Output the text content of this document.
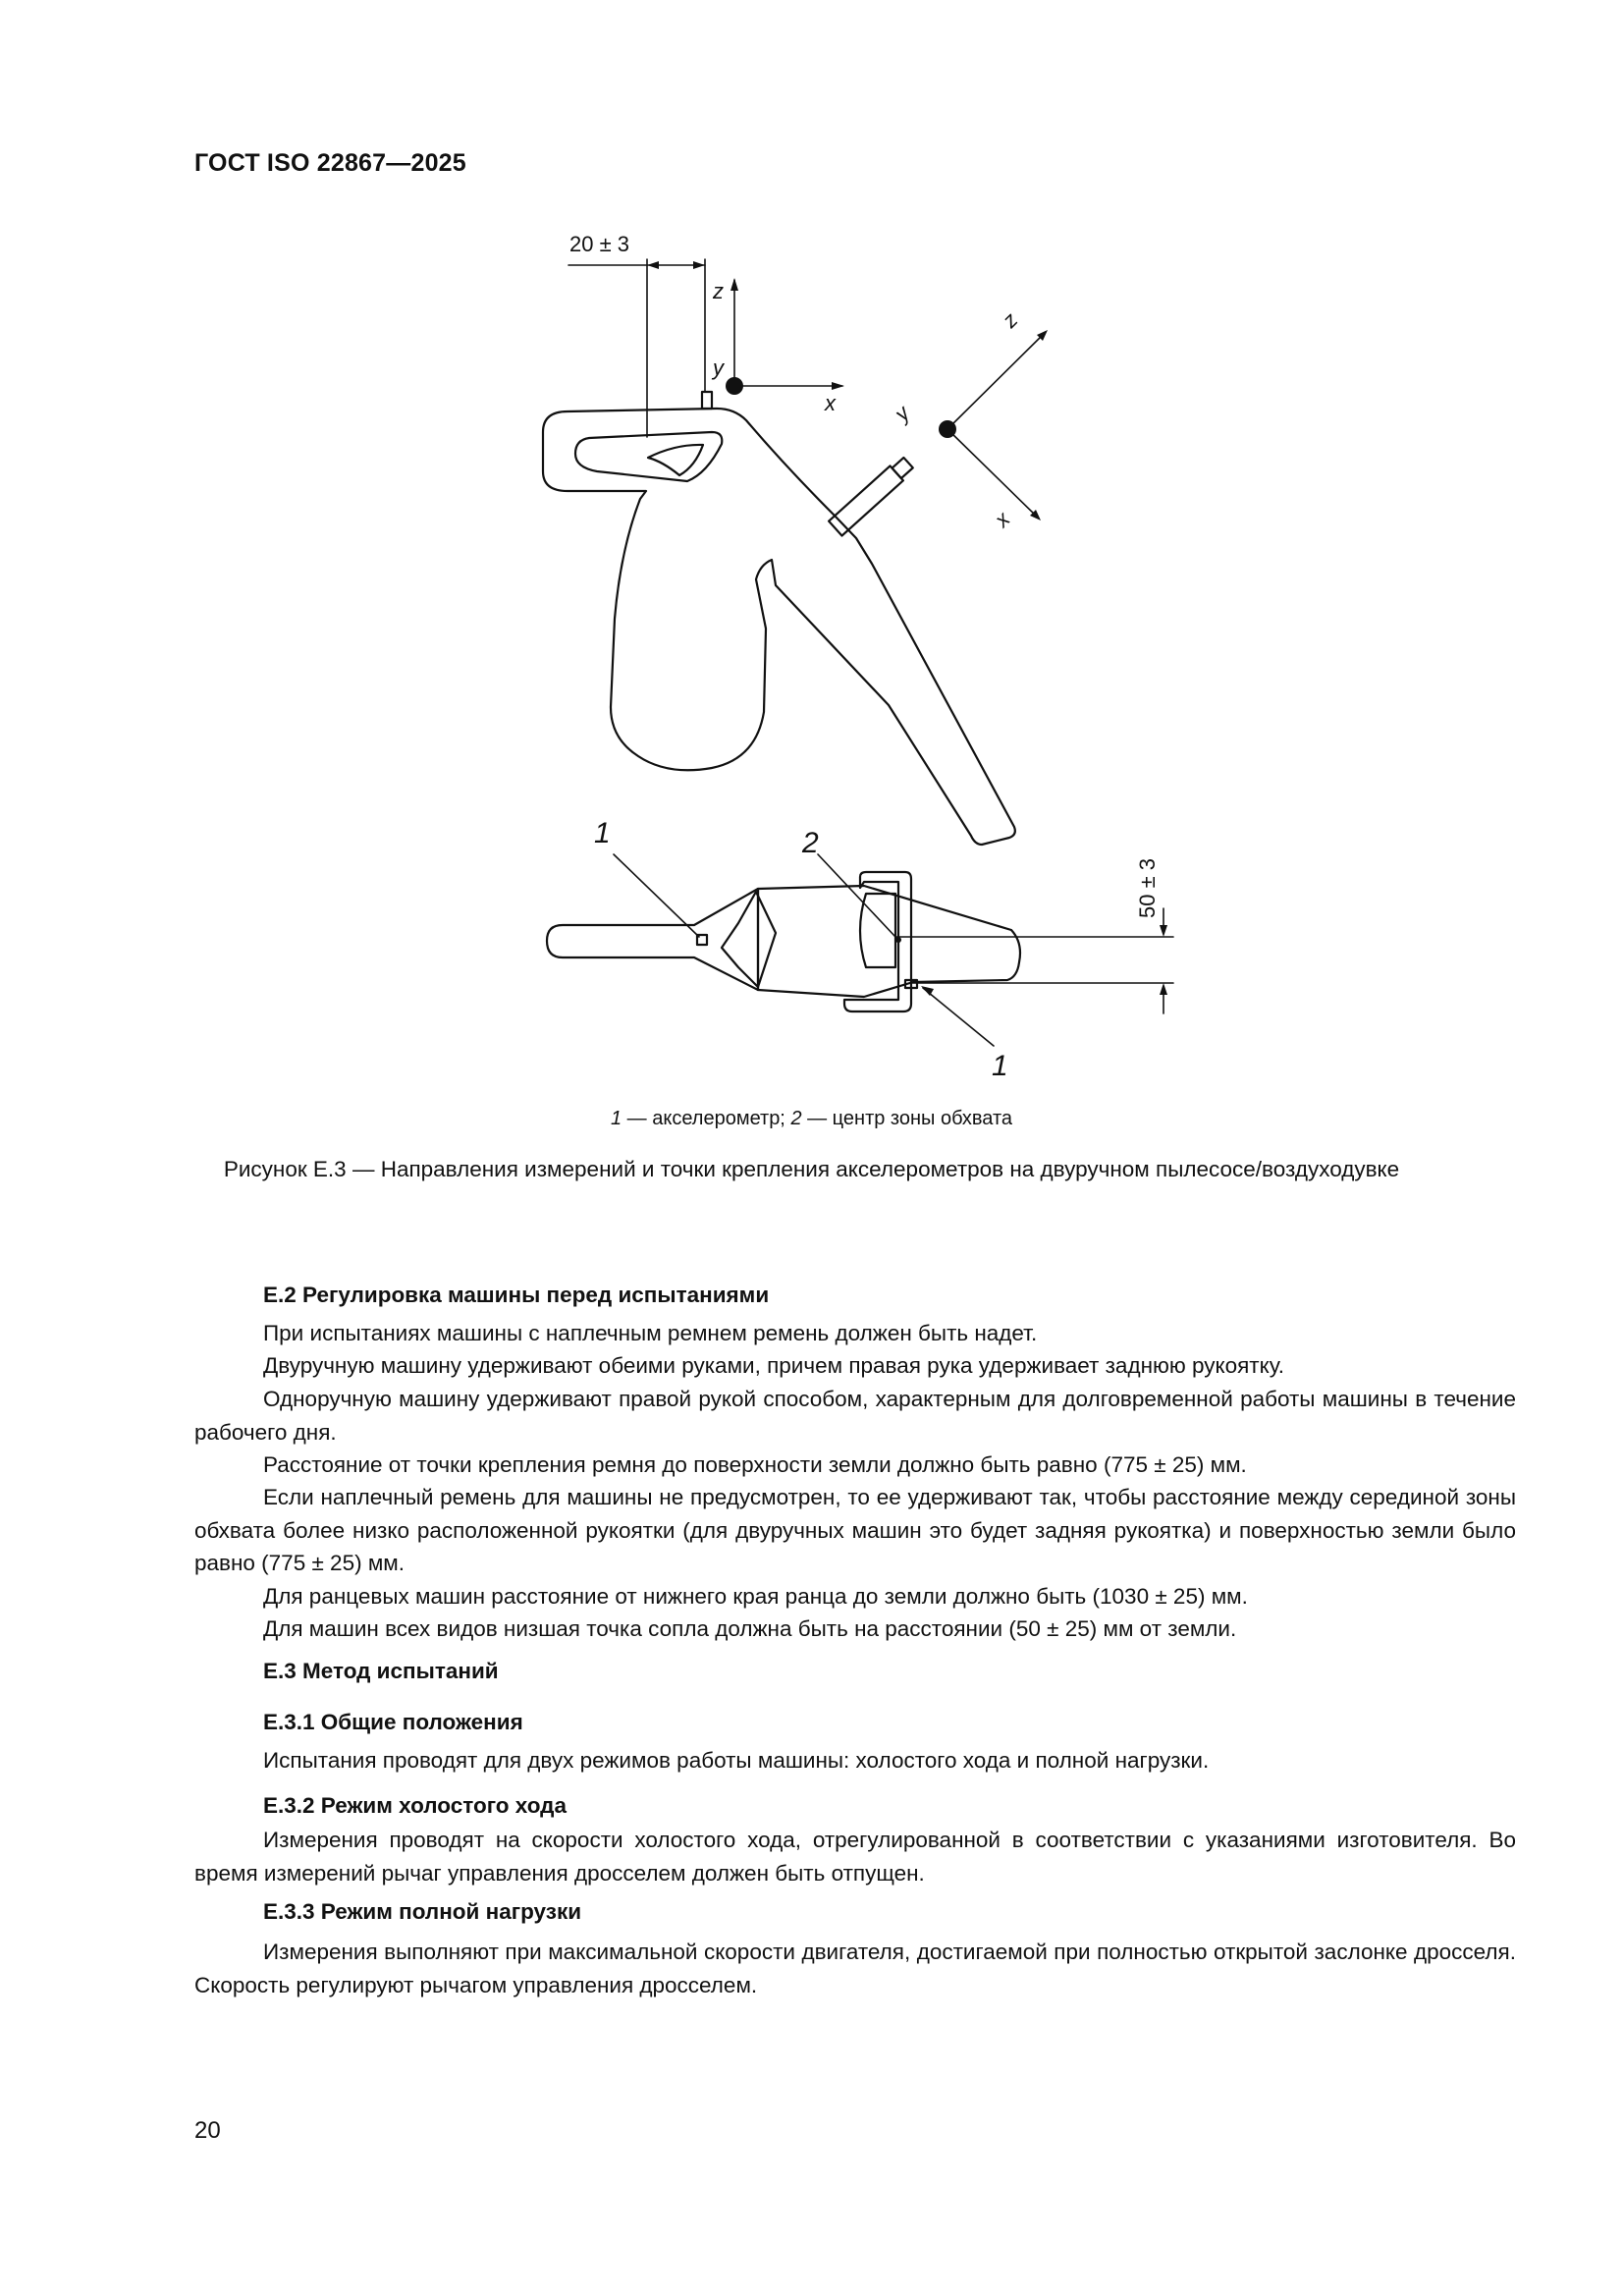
ГОСТ ISO 22867—2025
20 ± 3
z
y
x
z
y
x
1	2
1
50 ± 3
1 — акселерометр; 2 — центр зоны обхвата
Рисунок E.3 — Направления измерений и точки крепления акселерометров на двуручном пылесосе/воздуходувке
E.2 Регулировка машины перед испытаниями
При испытаниях машины с наплечным ремнем ремень должен быть надет.
Двуручную машину удерживают обеими руками, причем правая рука удерживает заднюю рукоятку.
Одноручную машину удерживают правой рукой способом, характерным для долговременной работы машины в течение рабочего дня.
Расстояние от точки крепления ремня до поверхности земли должно быть равно (775 ± 25) мм.
Если наплечный ремень для машины не предусмотрен, то ее удерживают так, чтобы расстояние между серединой зоны обхвата более низко расположенной рукоятки (для двуручных машин это будет задняя рукоятка) и поверхностью земли было равно (775 ± 25) мм.
Для ранцевых машин расстояние от нижнего края ранца до земли должно быть (1030 ± 25) мм.
Для машин всех видов низшая точка сопла должна быть на расстоянии (50 ± 25) мм от земли.
E.3 Метод испытаний
E.3.1 Общие положения
Испытания проводят для двух режимов работы машины: холостого хода и полной нагрузки.
E.3.2 Режим холостого хода
Измерения проводят на скорости холостого хода, отрегулированной в соответствии с указаниями изготовителя. Во время измерений рычаг управления дросселем должен быть отпущен.
E.3.3 Режим полной нагрузки
Измерения выполняют при максимальной скорости двигателя, достигаемой при полностью открытой заслонке дросселя. Скорость регулируют рычагом управления дросселем.
20
